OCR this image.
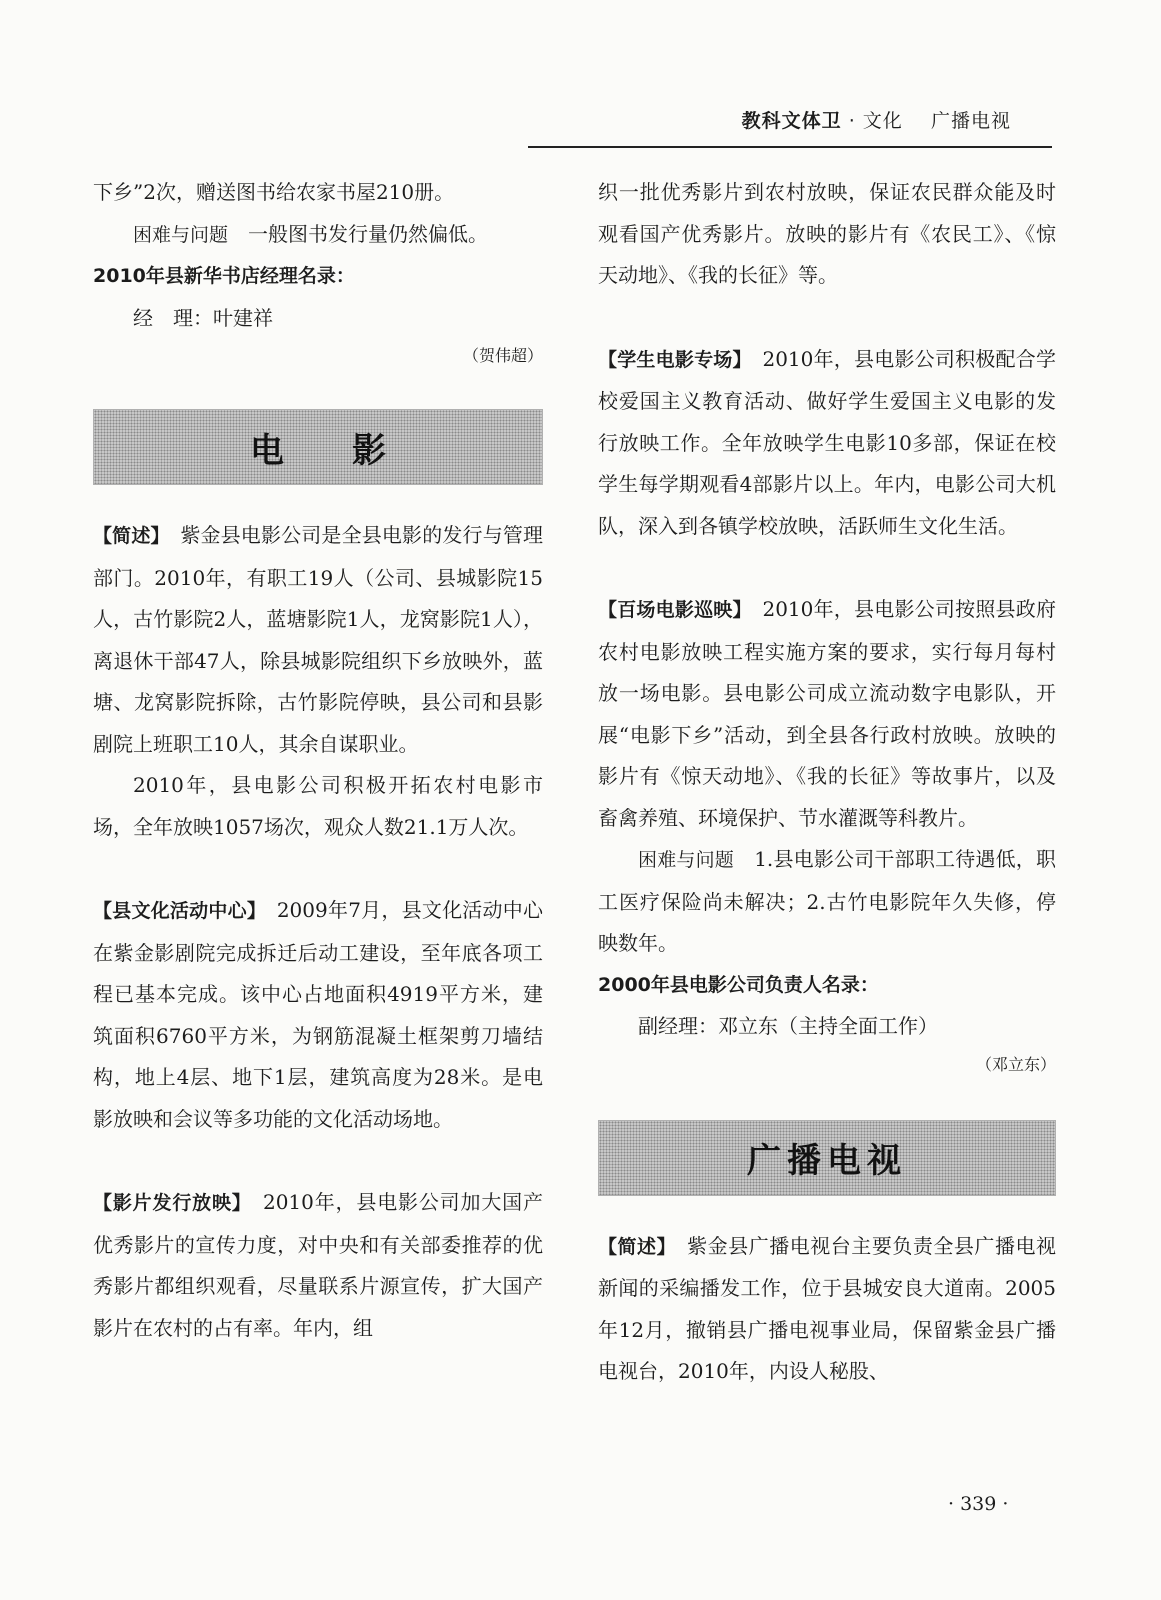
教科文体卫 · 文化 广播电视

下乡”2次，赠送图书给农家书屋210册。

困难与问题　 一般图书发行量仍然偏低。

2010年县新华书店经理名录：

经　理：叶建祥

（贺伟超）

电　　影

【简述】　 紫金县电影公司是全县电影的发行与管理部门。2010年，有职工19人（公司、县城影院15人，古竹影院2人，蓝塘影院1人，龙窝影院1人），离退休干部47人，除县城影院组织下乡放映外，蓝塘、龙窝影院拆除，古竹影院停映，县公司和县影剧院上班职工10人，其余自谋职业。

2010年，县电影公司积极开拓农村电影市场，全年放映1057场次，观众人数21.1万人次。

【县文化活动中心】　 2009年7月，县文化活动中心在紫金影剧院完成拆迁后动工建设，至年底各项工程已基本完成。该中心占地面积4919平方米，建筑面积6760平方米，为钢筋混凝土框架剪刀墙结构，地上4层、地下1层，建筑高度为28米。是电影放映和会议等多功能的文化活动场地。

【影片发行放映】　 2010年，县电影公司加大国产优秀影片的宣传力度，对中央和有关部委推荐的优秀影片都组织观看，尽量联系片源宣传，扩大国产影片在农村的占有率。年内，组

织一批优秀影片到农村放映，保证农民群众能及时观看国产优秀影片。放映的影片有《农民工》、《惊天动地》、《我的长征》等。

【学生电影专场】　 2010年，县电影公司积极配合学校爱国主义教育活动、做好学生爱国主义电影的发行放映工作。全年放映学生电影10多部，保证在校学生每学期观看4部影片以上。年内，电影公司大机队，深入到各镇学校放映，活跃师生文化生活。

【百场电影巡映】　 2010年，县电影公司按照县政府农村电影放映工程实施方案的要求，实行每月每村放一场电影。县电影公司成立流动数字电影队，开展“电影下乡”活动，到全县各行政村放映。放映的影片有《惊天动地》、《我的长征》等故事片，以及畜禽养殖、环境保护、节水灌溉等科教片。

困难与问题　 1.县电影公司干部职工待遇低，职工医疗保险尚未解决；2.古竹电影院年久失修，停映数年。

2000年县电影公司负责人名录：

副经理：邓立东（主持全面工作）

（邓立东）

广播电视

【简述】　 紫金县广播电视台主要负责全县广播电视新闻的采编播发工作，位于县城安良大道南。2005年12月，撤销县广播电视事业局，保留紫金县广播电视台，2010年，内设人秘股、

· 339 ·
